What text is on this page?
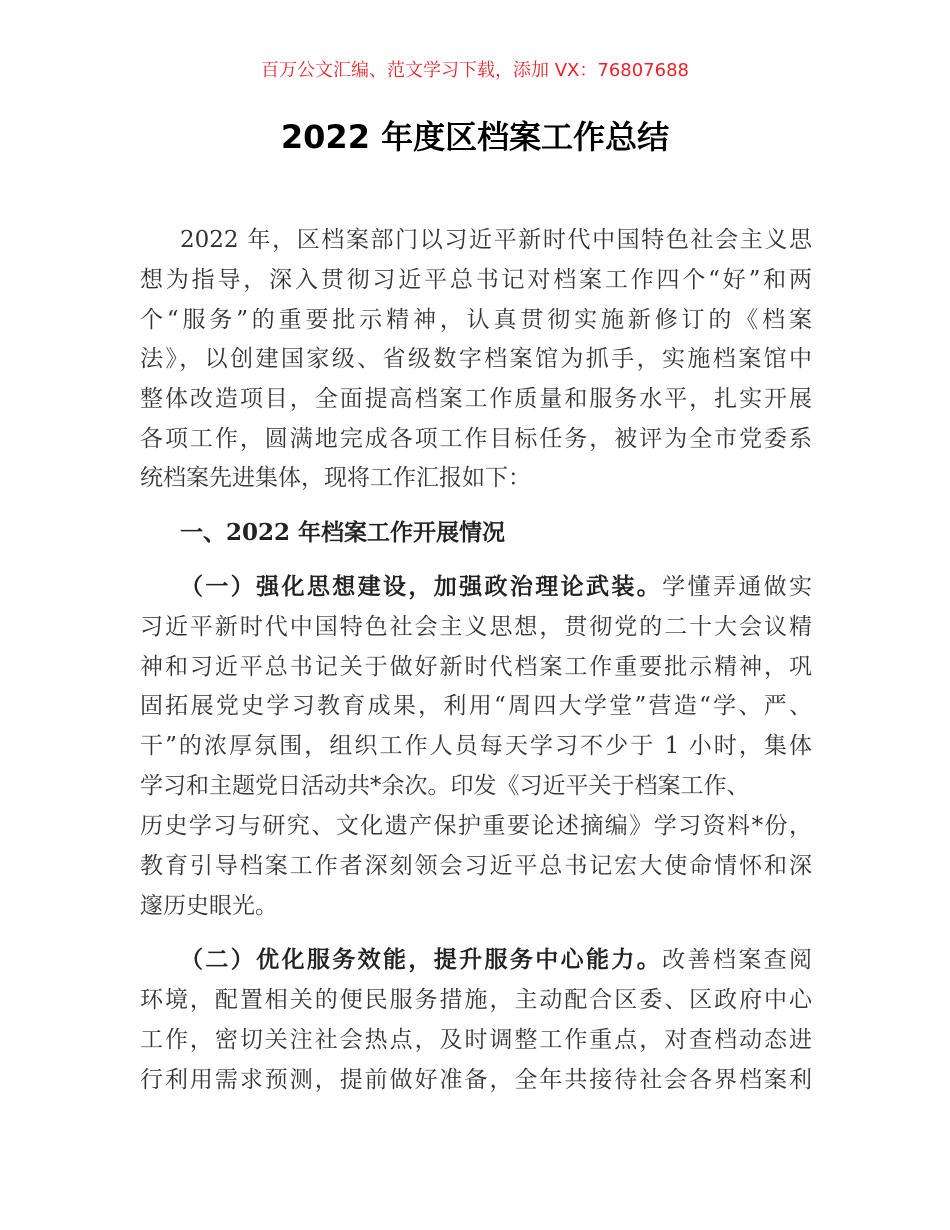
百万公文汇编、范文学习下载，添加 VX：76807688
2022 年度区档案工作总结
2022 年，区档案部门以习近平新时代中国特色社会主义思
想为指导，深入贯彻习近平总书记对档案工作四个“好”和两
个“服务”的重要批示精神，认真贯彻实施新修订的《档案
法》，以创建国家级、省级数字档案馆为抓手，实施档案馆中
整体改造项目，全面提高档案工作质量和服务水平，扎实开展
各项工作，圆满地完成各项工作目标任务，被评为全市党委系
统档案先进集体，现将工作汇报如下：
一、2022 年档案工作开展情况
（一）强化思想建设，加强政治理论武装。学懂弄通做实
习近平新时代中国特色社会主义思想，贯彻党的二十大会议精
神和习近平总书记关于做好新时代档案工作重要批示精神，巩
固拓展党史学习教育成果，利用“周四大学堂”营造“学、严、
干”的浓厚氛围，组织工作人员每天学习不少于 1 小时，集体
学习和主题党日活动共*余次。印发《习近平关于档案工作、
历史学习与研究、文化遗产保护重要论述摘编》学习资料*份，
教育引导档案工作者深刻领会习近平总书记宏大使命情怀和深
邃历史眼光。
（二）优化服务效能，提升服务中心能力。改善档案查阅
环境，配置相关的便民服务措施，主动配合区委、区政府中心
工作，密切关注社会热点，及时调整工作重点，对查档动态进
行利用需求预测，提前做好准备，全年共接待社会各界档案利
